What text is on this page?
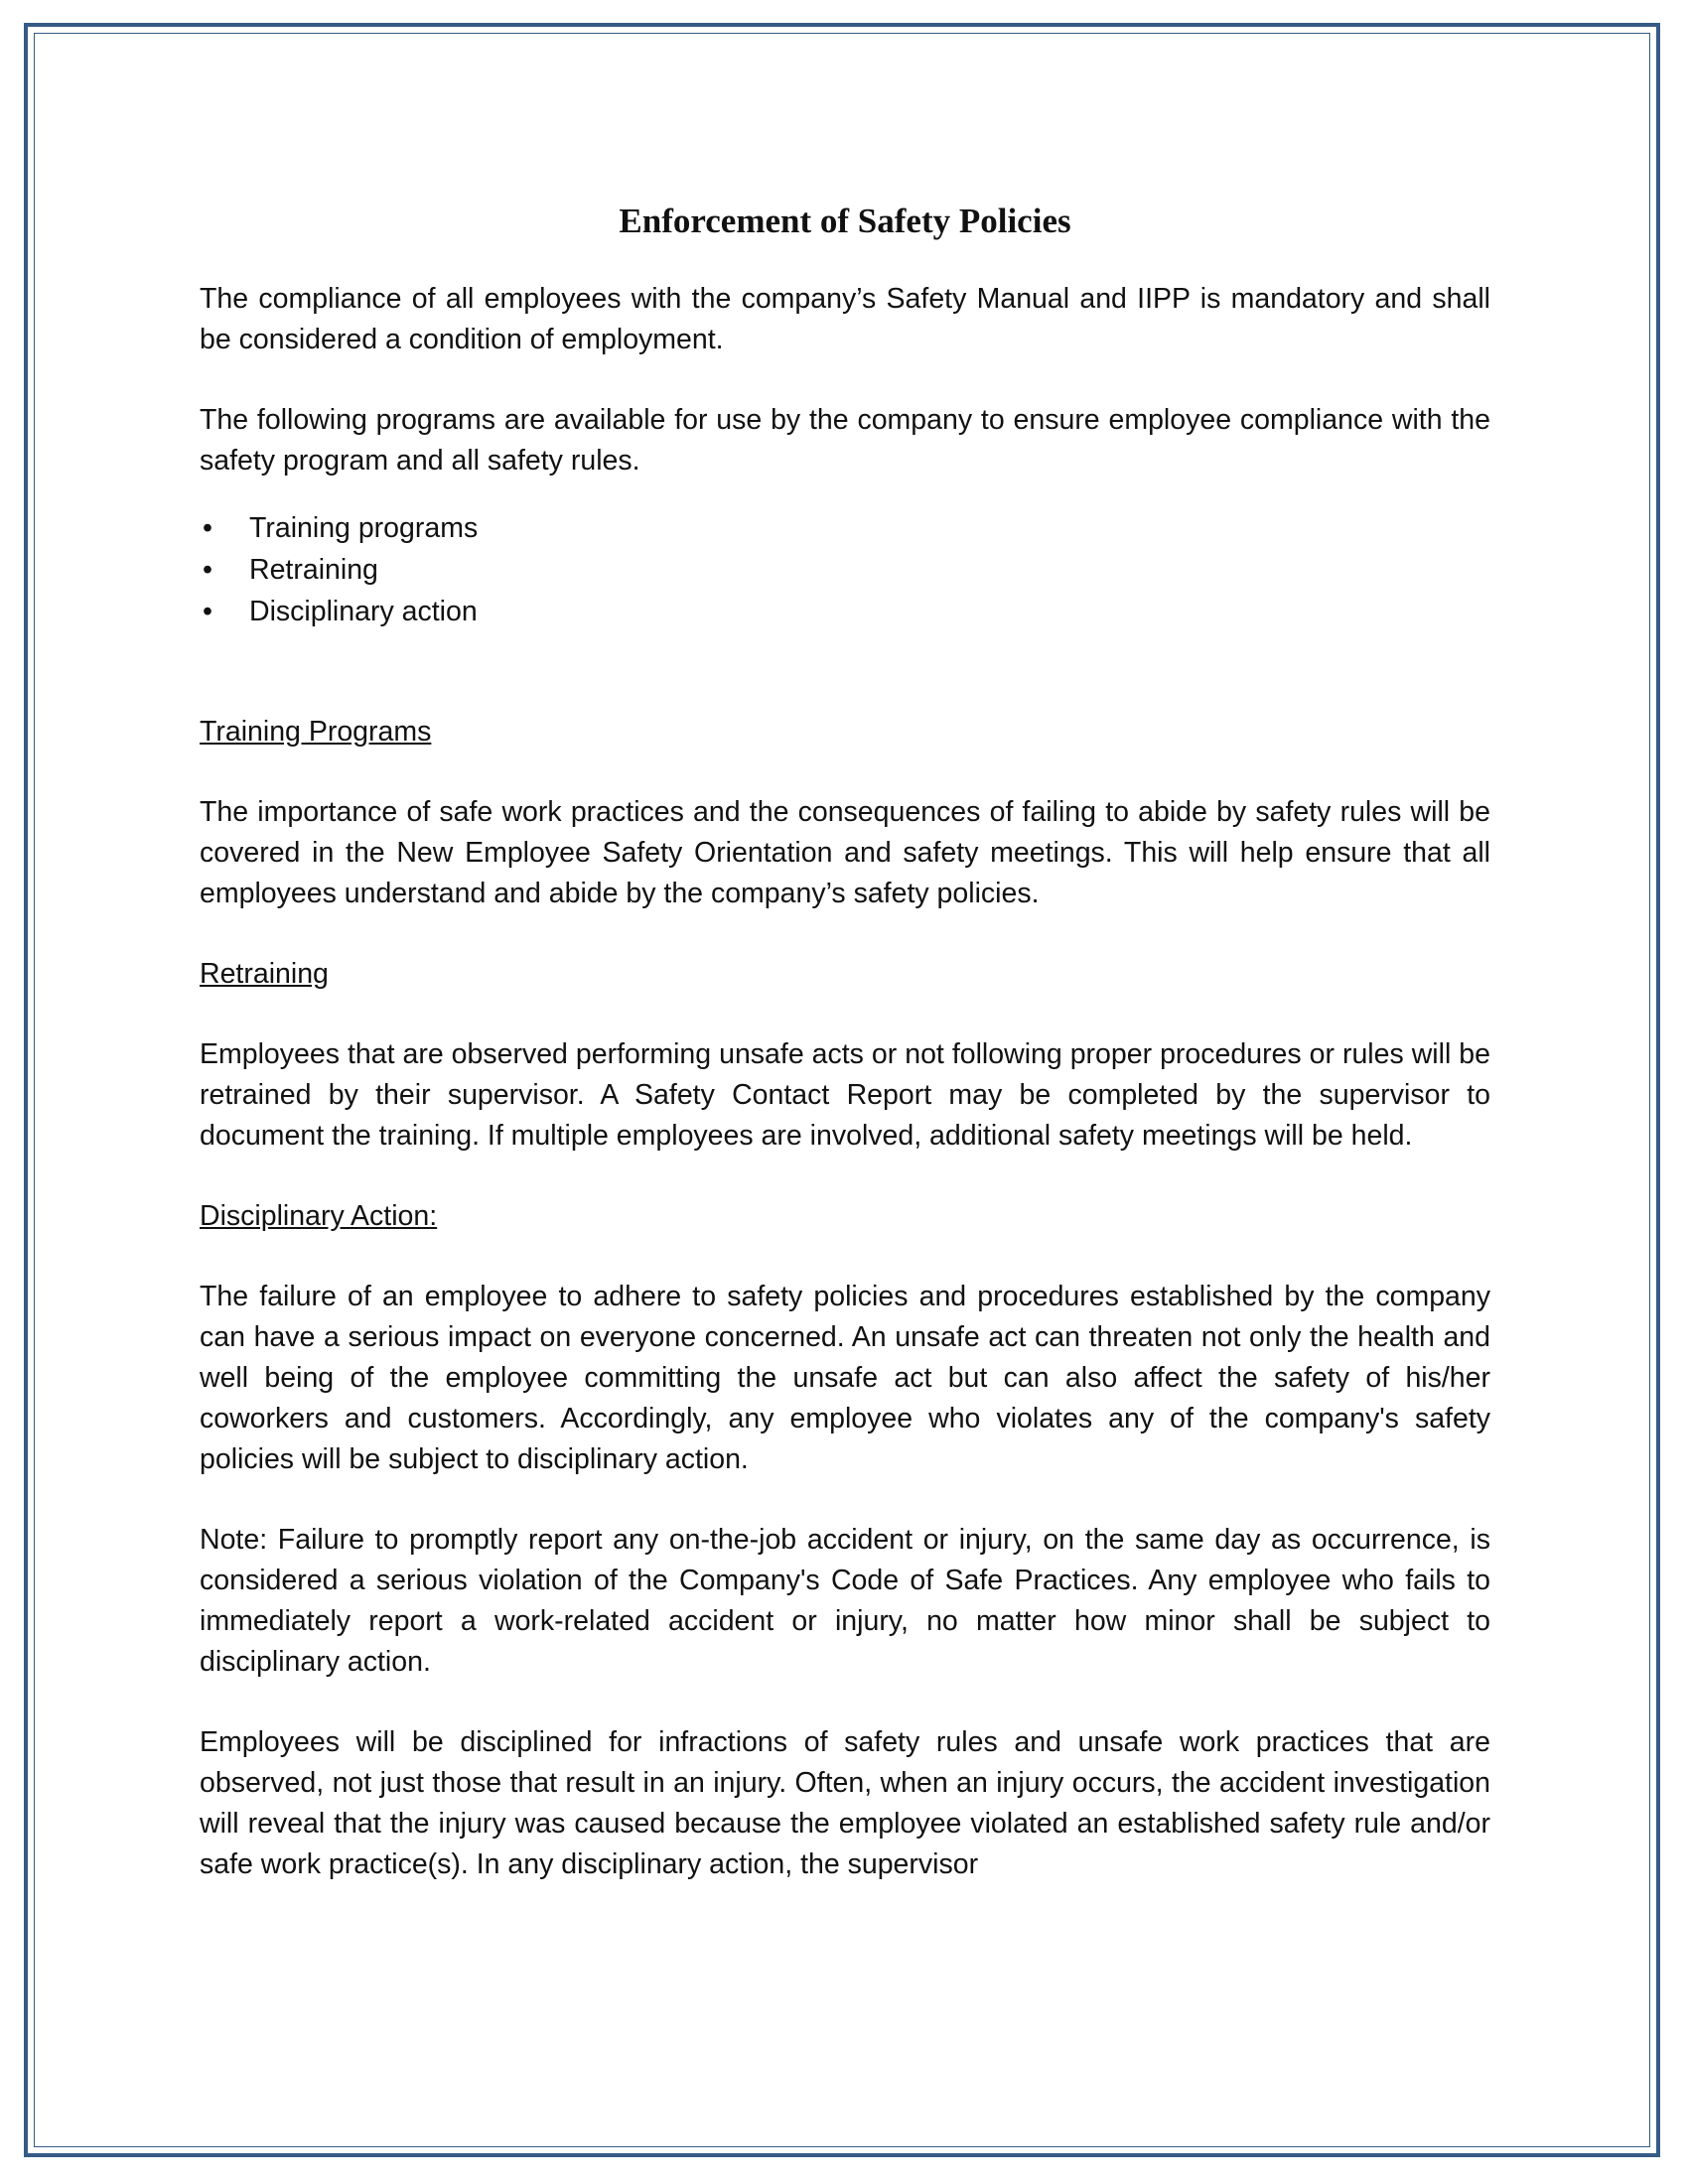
Enforcement of Safety Policies

The compliance of all employees with the company’s Safety Manual and IIPP is mandatory and shall be considered a condition of employment.

The following programs are available for use by the company to ensure employee compliance with the safety program and all safety rules.

• Training programs
• Retraining
• Disciplinary action
Training Programs

The importance of safe work practices and the consequences of failing to abide by safety rules will be covered in the New Employee Safety Orientation and safety meetings. This will help ensure that all employees understand and abide by the company’s safety policies.

Retraining

Employees that are observed performing unsafe acts or not following proper procedures or rules will be retrained by their supervisor. A Safety Contact Report may be completed by the supervisor to document the training. If multiple employees are involved, additional safety meetings will be held.

Disciplinary Action:

The failure of an employee to adhere to safety policies and procedures established by the company can have a serious impact on everyone concerned. An unsafe act can threaten not only the health and well being of the employee committing the unsafe act but can also affect the safety of his/her coworkers and customers. Accordingly, any employee who violates any of the company's safety policies will be subject to disciplinary action.

Note: Failure to promptly report any on-the-job accident or injury, on the same day as occurrence, is considered a serious violation of the Company's Code of Safe Practices. Any employee who fails to immediately report a work-related accident or injury, no matter how minor shall be subject to disciplinary action.

Employees will be disciplined for infractions of safety rules and unsafe work practices that are observed, not just those that result in an injury. Often, when an injury occurs, the accident investigation will reveal that the injury was caused because the employee violated an established safety rule and/or safe work practice(s). In any disciplinary action, the supervisor
